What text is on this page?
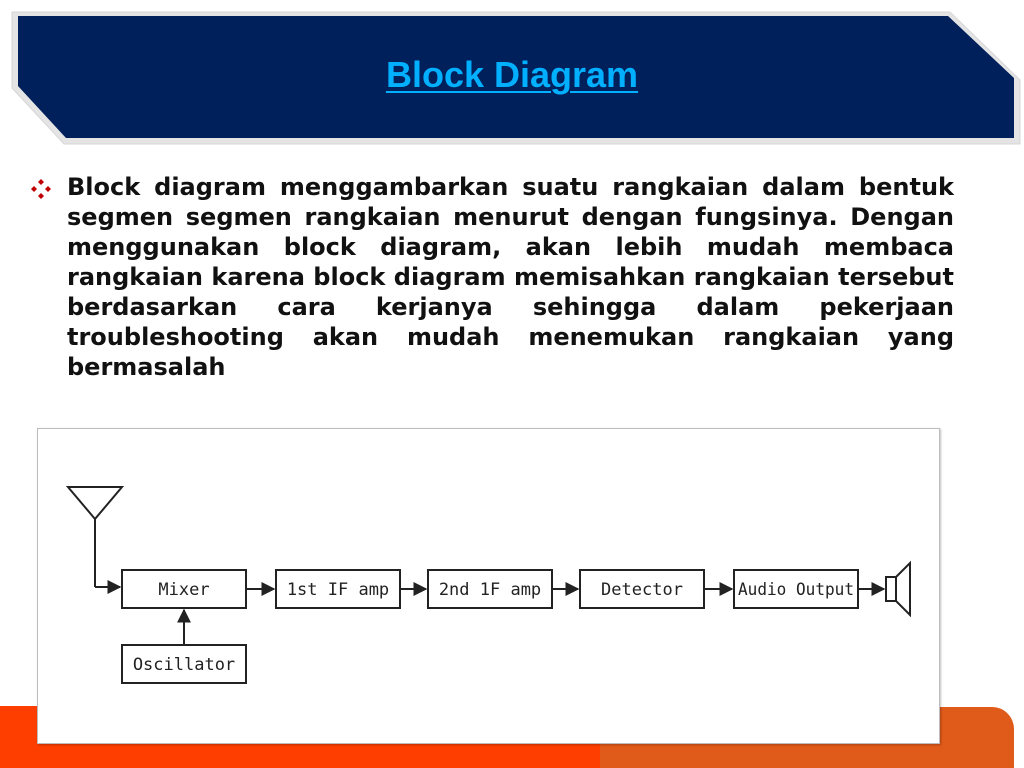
Block Diagram

Block diagram menggambarkan suatu rangkaian dalam bentuk segmen segmen rangkaian menurut dengan fungsinya. Dengan menggunakan block diagram, akan lebih mudah membaca rangkaian karena block diagram memisahkan rangkaian tersebut berdasarkan cara kerjanya sehingga dalam pekerjaan troubleshooting akan mudah menemukan rangkaian yang bermasalah

Mixer	1st IF amp	2nd 1F amp	Detector	Audio Output
Oscillator
